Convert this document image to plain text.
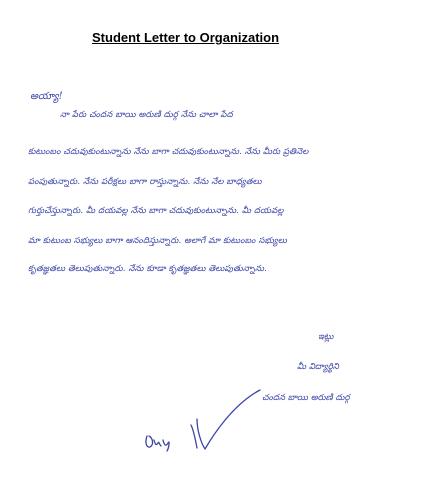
Student Letter to Organization
అయ్యా!
నా పేరు చందన బాయి అరుణి దుర్గ నేను చాలా పేద
కుటుంబం చదువుకుంటున్నాను నేను బాగా చదువుకుంటున్నాను. నేను మీరు ప్రతినెల
పంపుతున్నారు. నేను పరీక్షలు బాగా రాస్తున్నాను. నేను నేల బాధ్యతలు
గుర్తుచేస్తున్నారు. మీ దయవల్ల నేను బాగా చదువుకుంటున్నాను. మీ దయవల్ల
మా కుటుంబ సభ్యులు బాగా ఆనందిస్తున్నారు. అలాగే మా కుటుంబం సభ్యులు
కృతజ్ఞతలు తెలుపుతున్నారు. నేను కూడా కృతజ్ఞతలు తెలుపుతున్నాను.
ఇట్లు
మీ విద్యార్థిని
చందన బాయి అరుణి దుర్గ
